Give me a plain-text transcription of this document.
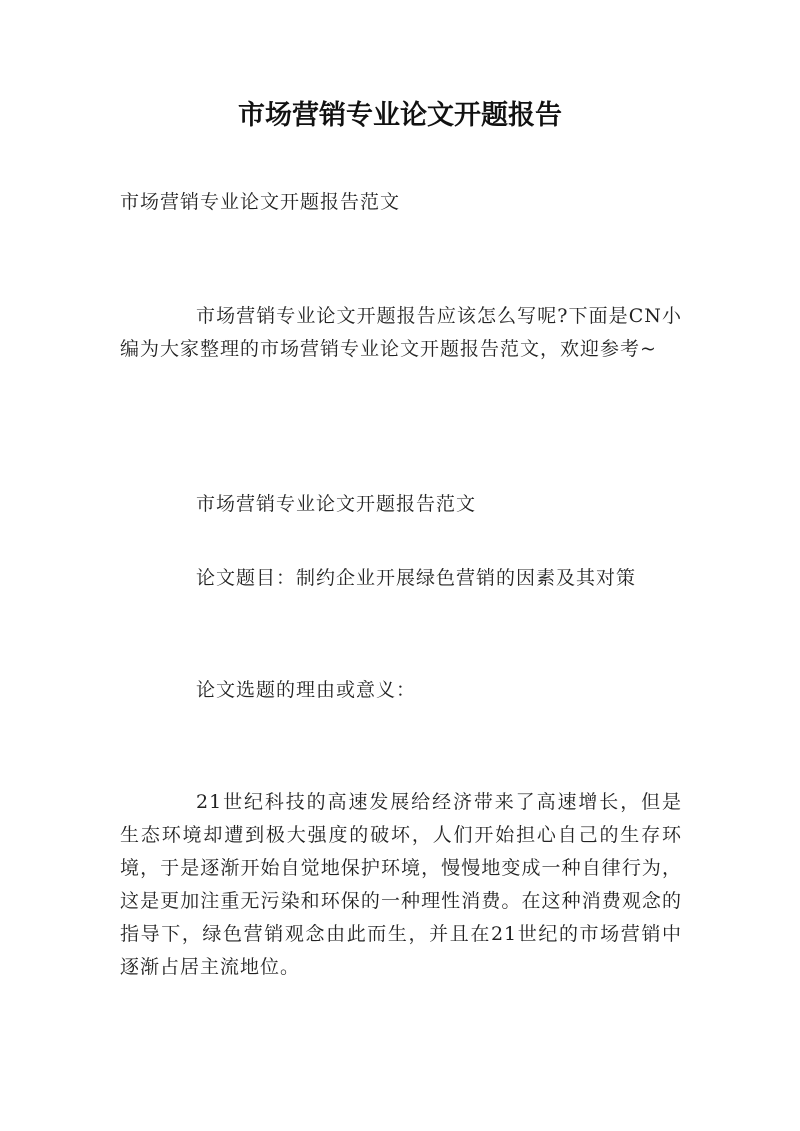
市场营销专业论文开题报告

市场营销专业论文开题报告范文

市场营销专业论文开题报告应该怎么写呢?下面是CN小编为大家整理的市场营销专业论文开题报告范文，欢迎参考~

市场营销专业论文开题报告范文

论文题目：制约企业开展绿色营销的因素及其对策

论文选题的理由或意义：

21世纪科技的高速发展给经济带来了高速增长，但是生态环境却遭到极大强度的破坏，人们开始担心自己的生存环境，于是逐渐开始自觉地保护环境，慢慢地变成一种自律行为，这是更加注重无污染和环保的一种理性消费。在这种消费观念的指导下，绿色营销观念由此而生，并且在21世纪的市场营销中逐渐占居主流地位。
